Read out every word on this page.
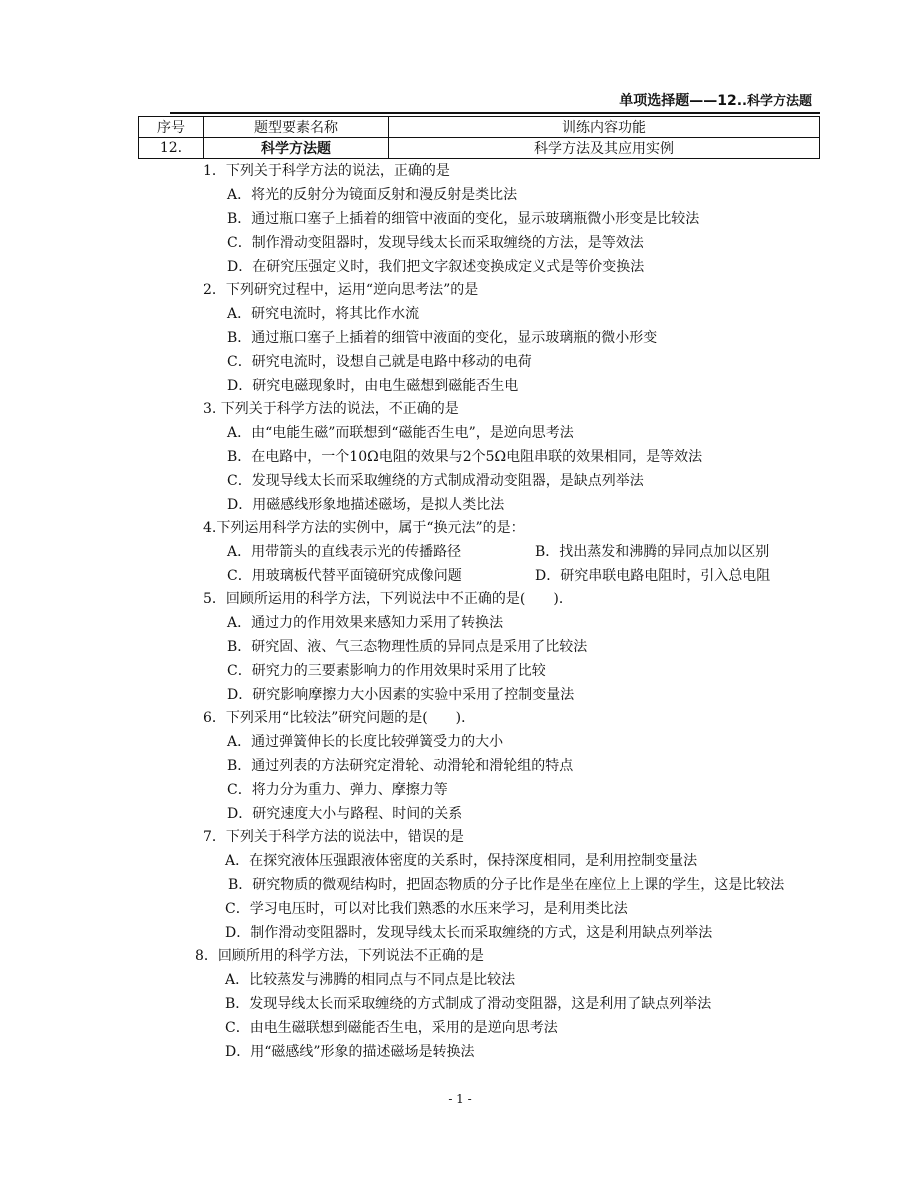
单项选择题——12..科学方法题
序号	题型要素名称	训练内容功能
12.	科学方法题	科学方法及其应用实例
1．下列关于科学方法的说法，正确的是
A．将光的反射分为镜面反射和漫反射是类比法
B．通过瓶口塞子上插着的细管中液面的变化，显示玻璃瓶微小形变是比较法
C．制作滑动变阻器时，发现导线太长而采取缠绕的方法，是等效法
D．在研究压强定义时，我们把文字叙述变换成定义式是等价变换法
2．下列研究过程中，运用“逆向思考法”的是
A．研究电流时，将其比作水流
B．通过瓶口塞子上插着的细管中液面的变化，显示玻璃瓶的微小形变
C．研究电流时，设想自己就是电路中移动的电荷
D．研究电磁现象时，由电生磁想到磁能否生电
3. 下列关于科学方法的说法，不正确的是
A．由“电能生磁”而联想到“磁能否生电”，是逆向思考法
B．在电路中，一个10Ω电阻的效果与2个5Ω电阻串联的效果相同，是等效法
C．发现导线太长而采取缠绕的方式制成滑动变阻器，是缺点列举法
D．用磁感线形象地描述磁场，是拟人类比法
4.下列运用科学方法的实例中，属于“换元法”的是：
A．用带箭头的直线表示光的传播路径	B．找出蒸发和沸腾的异同点加以区别
C．用玻璃板代替平面镜研究成像问题	D．研究串联电路电阻时，引入总电阻
5．回顾所运用的科学方法，下列说法中不正确的是(　　)．
A．通过力的作用效果来感知力采用了转换法
B．研究固、液、气三态物理性质的异同点是采用了比较法
C．研究力的三要素影响力的作用效果时采用了比较
D．研究影响摩擦力大小因素的实验中采用了控制变量法
6．下列采用“比较法”研究问题的是(　　)．
A．通过弹簧伸长的长度比较弹簧受力的大小
B．通过列表的方法研究定滑轮、动滑轮和滑轮组的特点
C．将力分为重力、弹力、摩擦力等
D．研究速度大小与路程、时间的关系
7．下列关于科学方法的说法中，错误的是
A．在探究液体压强跟液体密度的关系时，保持深度相同，是利用控制变量法
B．研究物质的微观结构时，把固态物质的分子比作是坐在座位上上课的学生，这是比较法
C．学习电压时，可以对比我们熟悉的水压来学习，是利用类比法
D．制作滑动变阻器时，发现导线太长而采取缠绕的方式，这是利用缺点列举法
8．回顾所用的科学方法，下列说法不正确的是
A．比较蒸发与沸腾的相同点与不同点是比较法
B．发现导线太长而采取缠绕的方式制成了滑动变阻器，这是利用了缺点列举法
C．由电生磁联想到磁能否生电，采用的是逆向思考法
D．用“磁感线”形象的描述磁场是转换法
- 1 -
